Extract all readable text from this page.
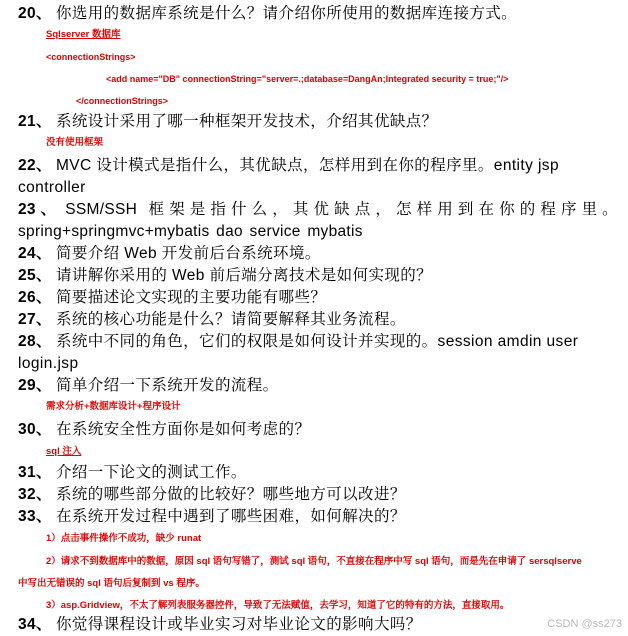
20、 你选用的数据库系统是什么？请介绍你所使用的数据库连接方式。

Sqlserver 数据库

<connectionStrings>

<add name="DB" connectionString="server=.;database=DangAn;Integrated security = true;"/>

</connectionStrings>

21、 系统设计采用了哪一种框架开发技术，介绍其优缺点？

没有使用框架

22、 MVC 设计模式是指什么，其优缺点，怎样用到在你的程序里。entity jsp controller

23、 SSM/SSH 框架是指什么，其优缺点，怎样用到在你的程序里。spring+springmvc+mybatis dao service mybatis

24、 简要介绍 Web 开发前后台系统环境。

25、 请讲解你采用的 Web 前后端分离技术是如何实现的？

26、 简要描述论文实现的主要功能有哪些？

27、 系统的核心功能是什么？请简要解释其业务流程。

28、 系统中不同的角色，它们的权限是如何设计并实现的。session amdin user login.jsp

29、 简单介绍一下系统开发的流程。

需求分析+数据库设计+程序设计

30、 在系统安全性方面你是如何考虑的？

sql 注入

31、 介绍一下论文的测试工作。

32、 系统的哪些部分做的比较好？哪些地方可以改进？

33、 在系统开发过程中遇到了哪些困难，如何解决的？

1）点击事件操作不成功，缺少 runat

2）请求不到数据库中的数据，原因 sql 语句写错了，测试 sql 语句，不直接在程序中写 sql 语句，而是先在申请了 sersqlserve

中写出无错误的 sql 语句后复制到 vs 程序。

3）asp.Gridview，不太了解列表服务器控件，导致了无法赋值，去学习，知道了它的特有的方法，直接取用。

34、 你觉得课程设计或毕业实习对毕业论文的影响大吗？	CSDN @ss273
